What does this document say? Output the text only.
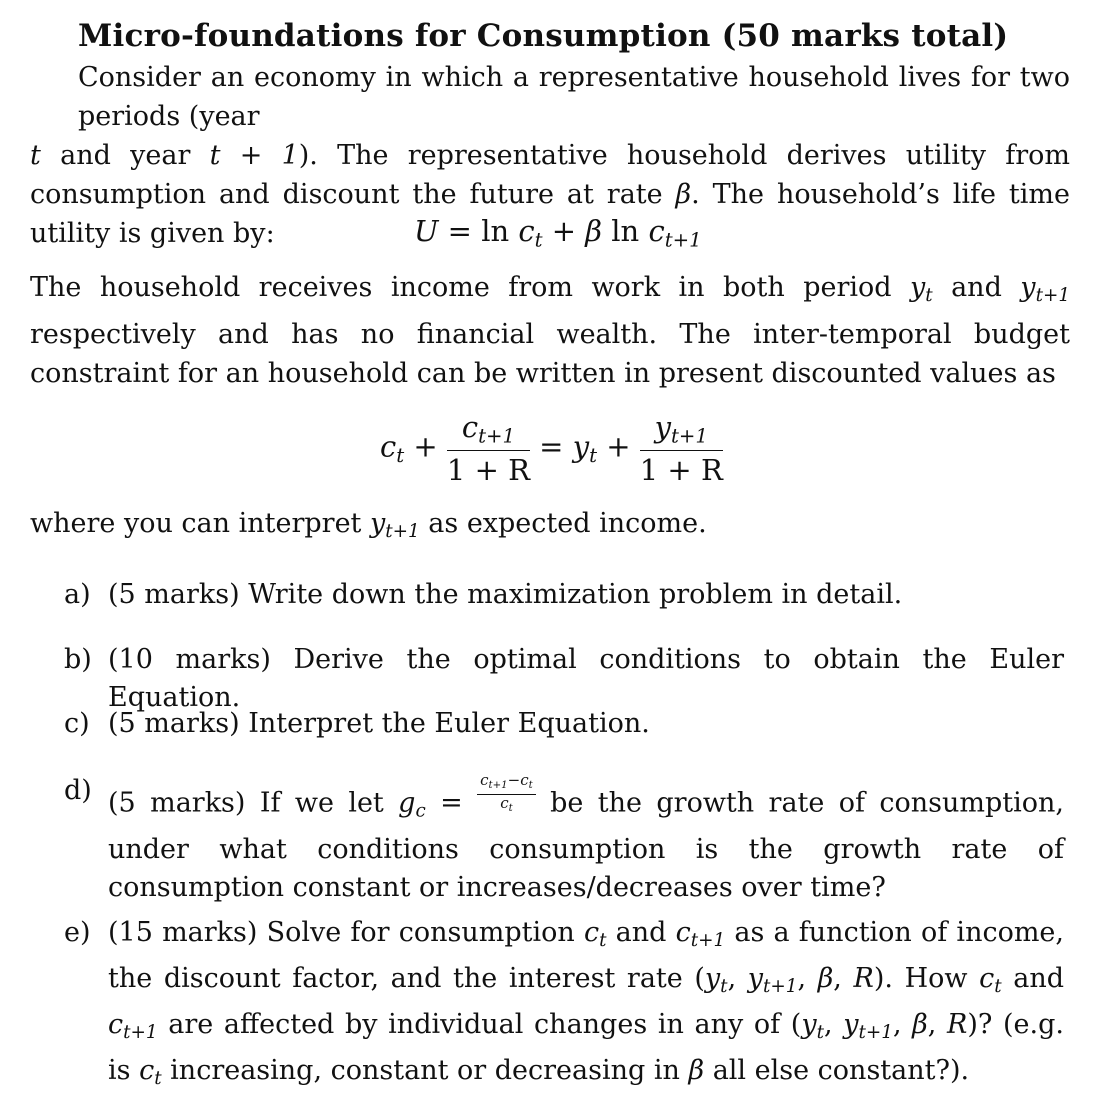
Micro-foundations for Consumption (50 marks total)
Consider an economy in which a representative household lives for two periods (yeart and year t + 1). The representative household derives utility from consumption and discount the future at rate β. The household’s life time utility is given by:	$U = \ln c_t + \beta$ $\ln c_{t+1}$
The household receives income from work in both period $y_t$ and $y_{t+1}$ respectively and has no financial wealth. The inter-temporal budget constraint for an household can be written in present discounted values as
$c_t + \frac{c_{t+1}}{1 + R} = y_t + \frac{y_{t+1}}{1 + R}$
where you can interpret $y_{t+1}$ as expected income.
a) (5 marks) Write down the maximization problem in detail.
b) (10 marks) Derive the optimal conditions to obtain the Euler Equation.
c) (5 marks) Interpret the Euler Equation.
d) (5 marks) If we let $g_c = \frac{c_{t+1}-c_t}{c_t}$ be the growth rate of consumption, under what conditions consumption is the growth rate of consumption constant or increases/decreases over time?
e) (15 marks) Solve for consumption $c_t$ and $c_{t+1}$ as a function of income, the discount factor, and the interest rate ($y_t$, $y_{t+1}$, β, R). How $c_t$ and $c_{t+1}$ are affected by individual changes in any of ($y_t$, $y_{t+1}$, β, R)? (e.g. is $c_t$ increasing, constant or decreasing in β all else constant?).
